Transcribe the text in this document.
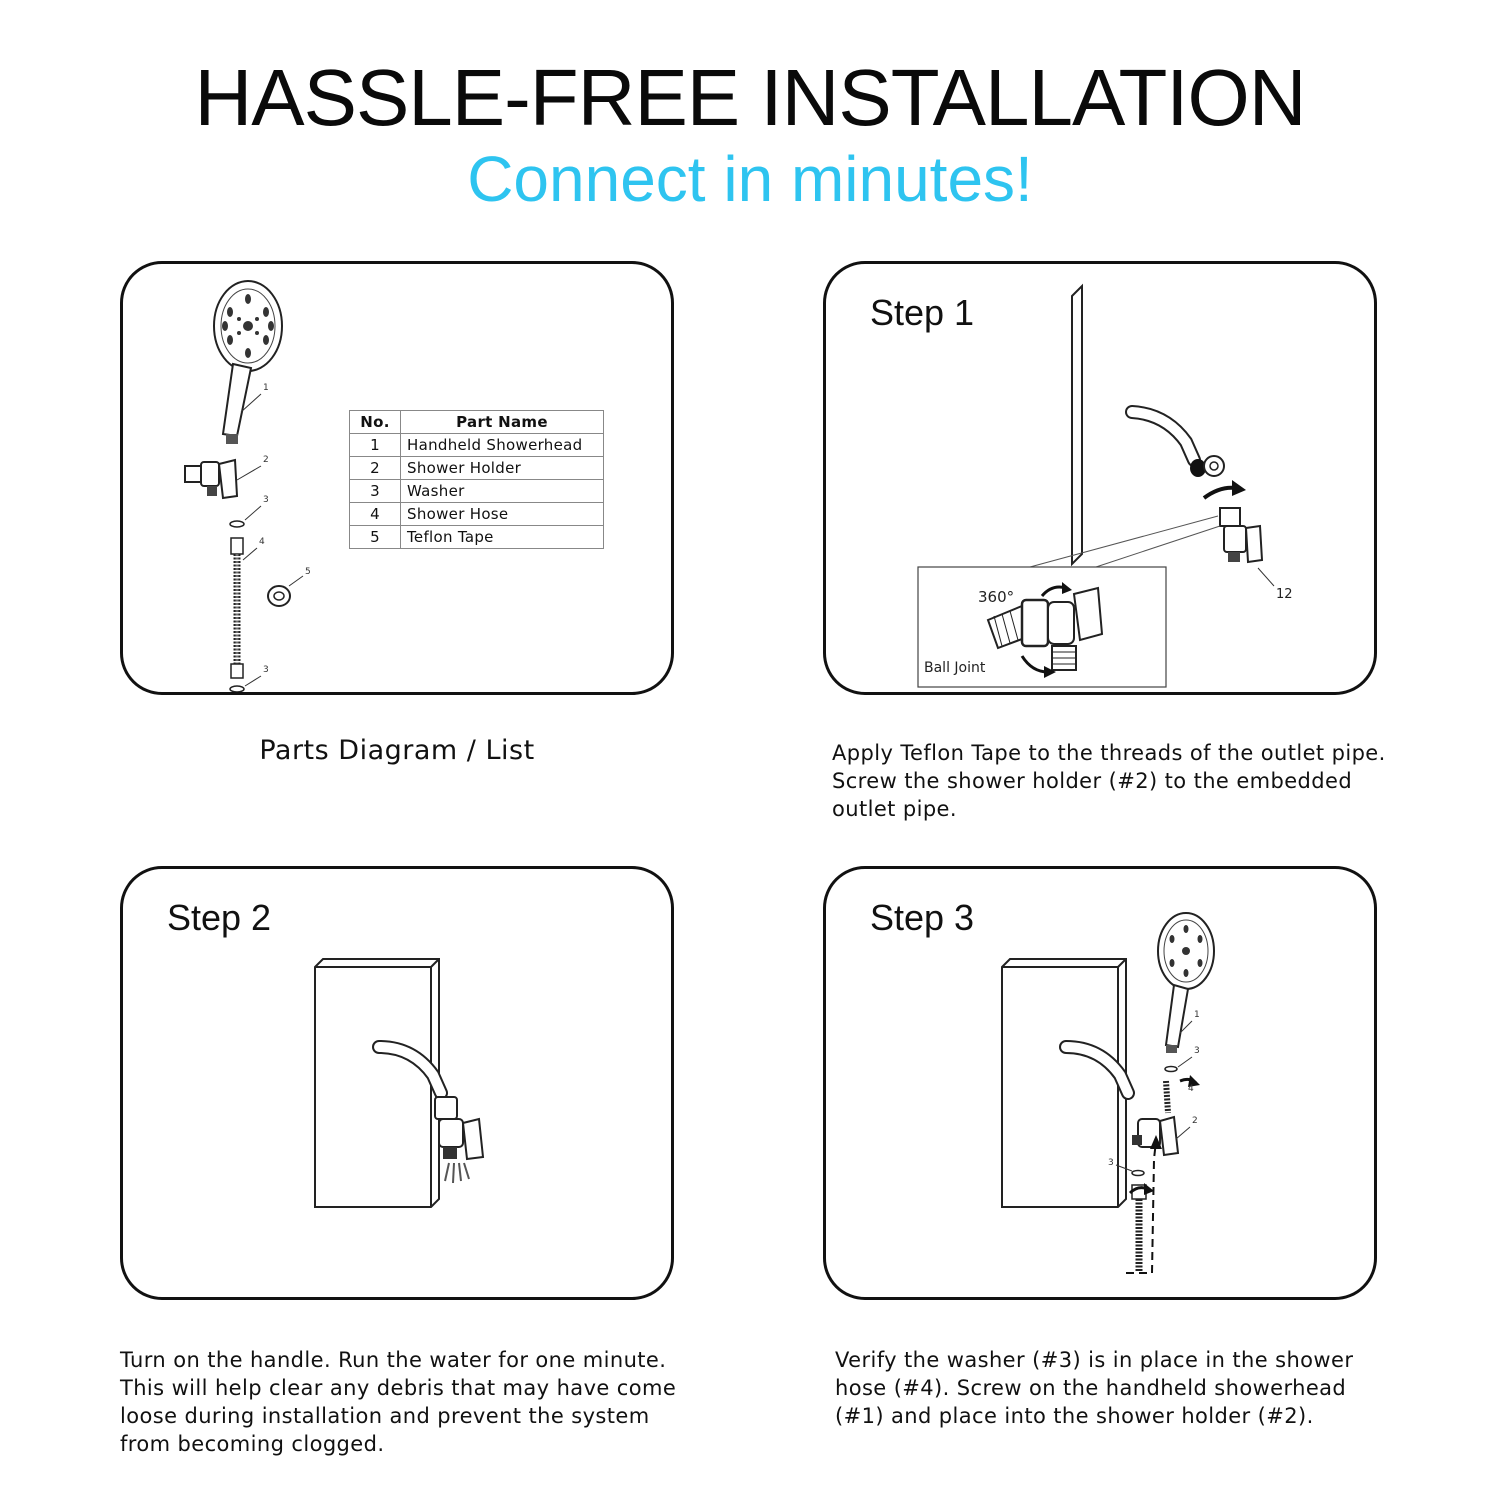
HASSLE-FREE INSTALLATION
Connect in minutes!
1
2
3
4
5
3
No.	Part Name
1	Handheld Showerhead
2	Shower Holder
3	Washer
4	Shower Hose
5	Teflon Tape
Parts Diagram / List
Step 1
12
360°
Ball Joint
Apply Teflon Tape to the threads of the outlet pipe. Screw the shower holder (#2) to the embedded outlet pipe.
Step 2
Turn on the handle. Run the water for one minute. This will help clear any debris that may have come loose during installation and prevent the system from becoming clogged.
Step 3
1
3
4
2
3
Verify the washer (#3) is in place in the shower hose (#4). Screw on the handheld showerhead (#1) and place into the shower holder (#2).
